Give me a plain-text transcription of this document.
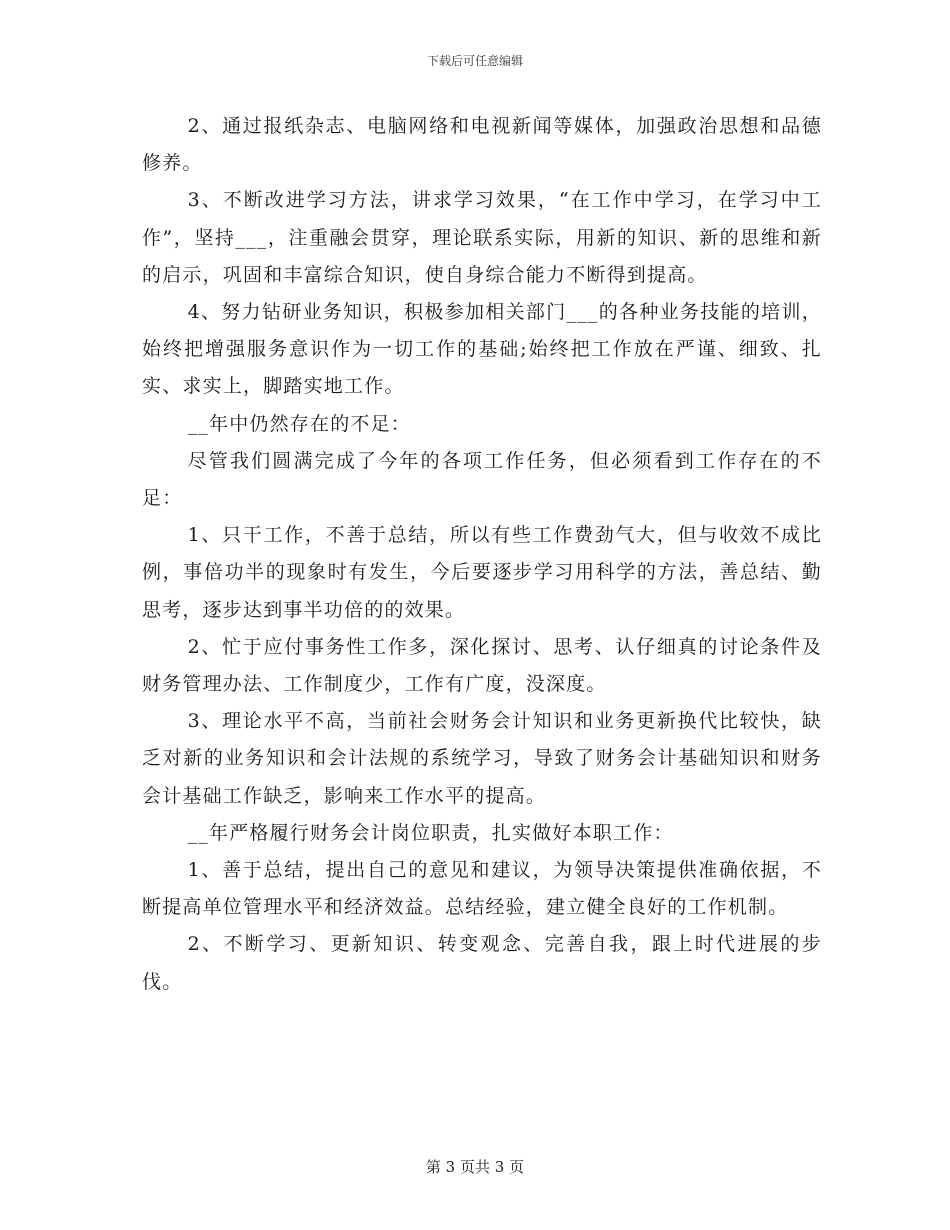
下载后可任意编辑

2、通过报纸杂志、电脑网络和电视新闻等媒体，加强政治思想和品德修养。

3、不断改进学习方法，讲求学习效果，“在工作中学习，在学习中工作”，坚持___，注重融会贯穿，理论联系实际，用新的知识、新的思维和新的启示，巩固和丰富综合知识，使自身综合能力不断得到提高。

4、努力钻研业务知识，积极参加相关部门___的各种业务技能的培训，始终把增强服务意识作为一切工作的基础;始终把工作放在严谨、细致、扎实、求实上，脚踏实地工作。

__年中仍然存在的不足：

尽管我们圆满完成了今年的各项工作任务，但必须看到工作存在的不足：

1、只干工作，不善于总结，所以有些工作费劲气大，但与收效不成比例，事倍功半的现象时有发生，今后要逐步学习用科学的方法，善总结、勤思考，逐步达到事半功倍的的效果。

2、忙于应付事务性工作多，深化探讨、思考、认仔细真的讨论条件及财务管理办法、工作制度少，工作有广度，没深度。

3、理论水平不高，当前社会财务会计知识和业务更新换代比较快，缺乏对新的业务知识和会计法规的系统学习，导致了财务会计基础知识和财务会计基础工作缺乏，影响来工作水平的提高。

__年严格履行财务会计岗位职责，扎实做好本职工作：

1、善于总结，提出自己的意见和建议，为领导决策提供准确依据，不断提高单位管理水平和经济效益。总结经验，建立健全良好的工作机制。

2、不断学习、更新知识、转变观念、完善自我，跟上时代进展的步伐。

第 3 页共 3 页
